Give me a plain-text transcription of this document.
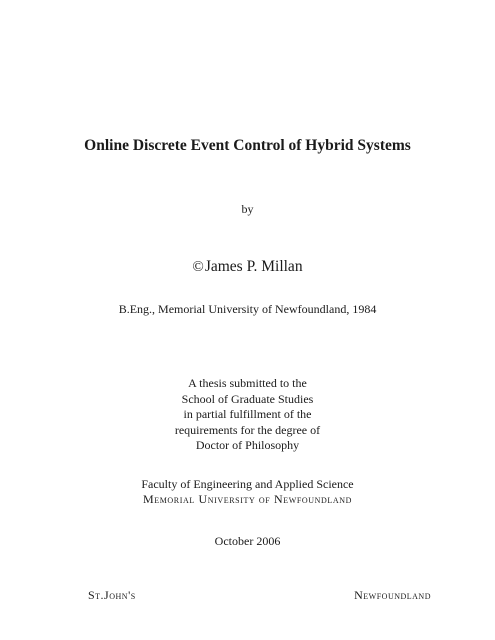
Online Discrete Event Control of Hybrid Systems
by
©James P. Millan
B.Eng., Memorial University of Newfoundland, 1984
A thesis submitted to the
School of Graduate Studies
in partial fulfillment of the
requirements for the degree of
Doctor of Philosophy
Faculty of Engineering and Applied Science
Memorial University of Newfoundland
October 2006
St.John's	Newfoundland
